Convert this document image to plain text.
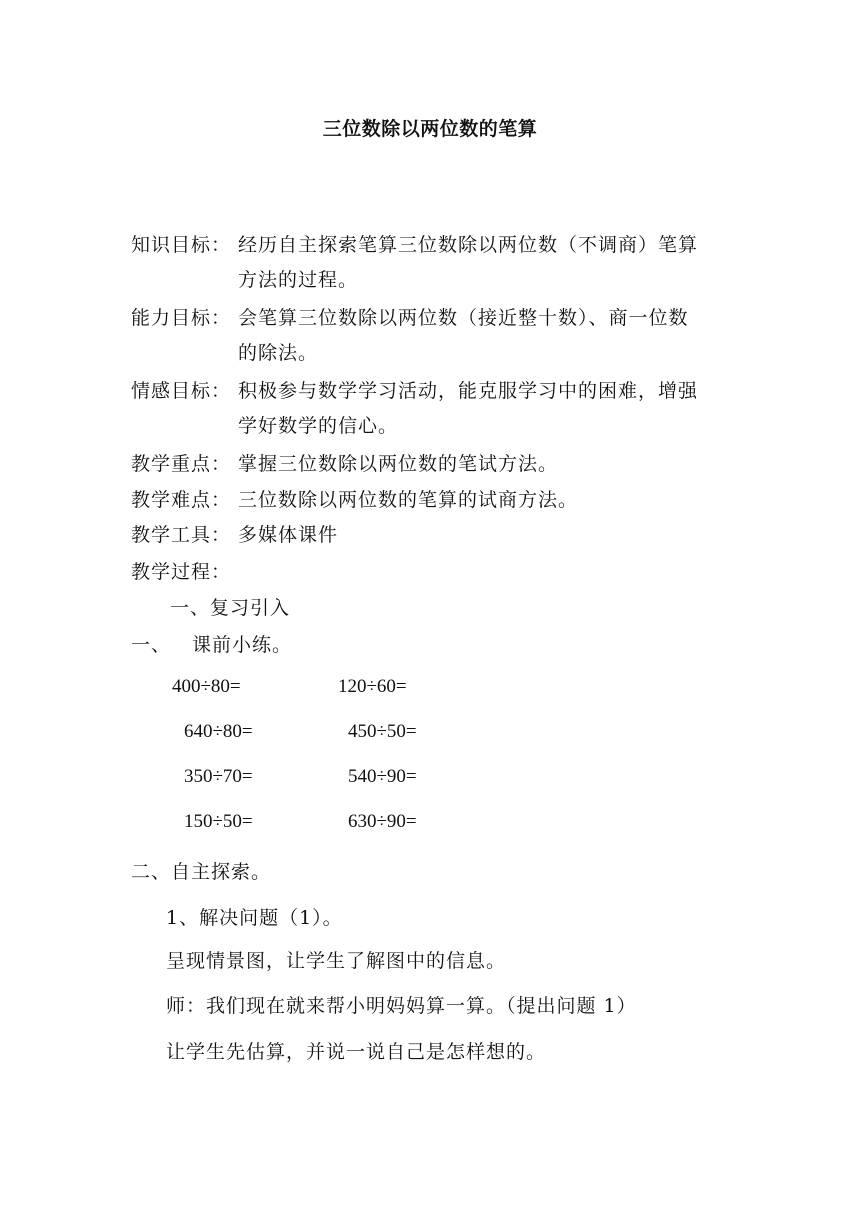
三位数除以两位数的笔算
知识目标： 经历自主探索笔算三位数除以两位数（不调商）笔算
方法的过程。
能力目标： 会笔算三位数除以两位数（接近整十数）、商一位数
的除法。
情感目标： 积极参与数学学习活动，能克服学习中的困难，增强
学好数学的信心。
教学重点： 掌握三位数除以两位数的笔试方法。
教学难点： 三位数除以两位数的笔算的试商方法。
教学工具： 多媒体课件
教学过程：
一、复习引入
一、 课前小练。
400÷80=	120÷60=
640÷80=	450÷50=
350÷70=	540÷90=
150÷50=	630÷90=
二、自主探索。
1、解决问题（1）。
呈现情景图，让学生了解图中的信息。
师：我们现在就来帮小明妈妈算一算。（提出问题 1）
让学生先估算，并说一说自己是怎样想的。
